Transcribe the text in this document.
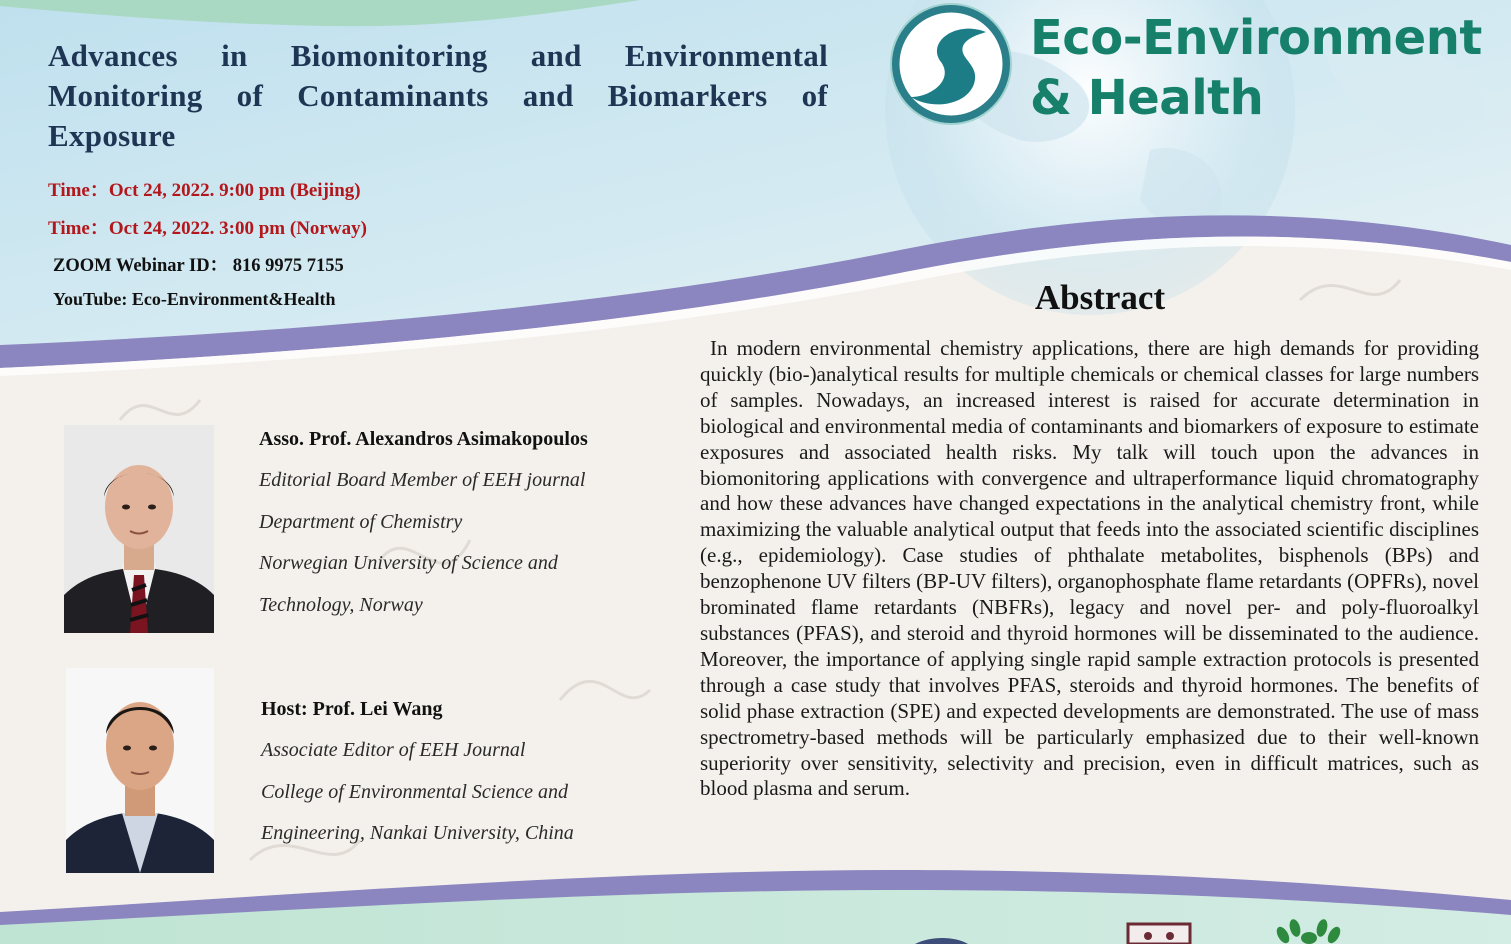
Eco-Environment
& Health
Advances in Biomonitoring and Environmental Monitoring of Contaminants and Biomarkers of Exposure
Time：Oct 24, 2022. 9:00 pm (Beijing)
Time：Oct 24, 2022. 3:00 pm (Norway)
ZOOM Webinar ID： 816 9975 7155
YouTube: Eco-Environment&Health	Abstract
In modern environmental chemistry applications, there are high demands for providing quickly (bio-)analytical results for multiple chemicals or chemical classes for large numbers of samples. Nowadays, an increased interest is raised for accurate determination in biological and environmental media of contaminants and biomarkers of exposure to estimate exposures and associated health risks. My talk will touch upon the advances in biomonitoring applications with convergence and ultraperformance liquid chromatography and how these advances have changed expectations in the analytical chemistry front, while maximizing the valuable analytical output that feeds into the associated scientific disciplines (e.g., epidemiology). Case studies of phthalate metabolites, bisphenols (BPs) and benzophenone UV filters (BP-UV filters), organophosphate flame retardants (OPFRs), novel brominated flame retardants (NBFRs), legacy and novel per- and poly-fluoroalkyl substances (PFAS), and steroid and thyroid hormones will be disseminated to the audience. Moreover, the importance of applying single rapid sample extraction protocols is presented through a case study that involves PFAS, steroids and thyroid hormones. The benefits of solid phase extraction (SPE) and expected developments are demonstrated. The use of mass spectrometry-based methods will be particularly emphasized due to their well-known superiority over sensitivity, selectivity and precision, even in difficult matrices, such as blood plasma and serum.
Asso. Prof. Alexandros Asimakopoulos
Editorial Board Member of EEH journal
Department of Chemistry
Norwegian University of Science and
Technology, Norway
Host: Prof. Lei Wang
Associate Editor of EEH Journal
College of Environmental Science and
Engineering, Nankai University, China
